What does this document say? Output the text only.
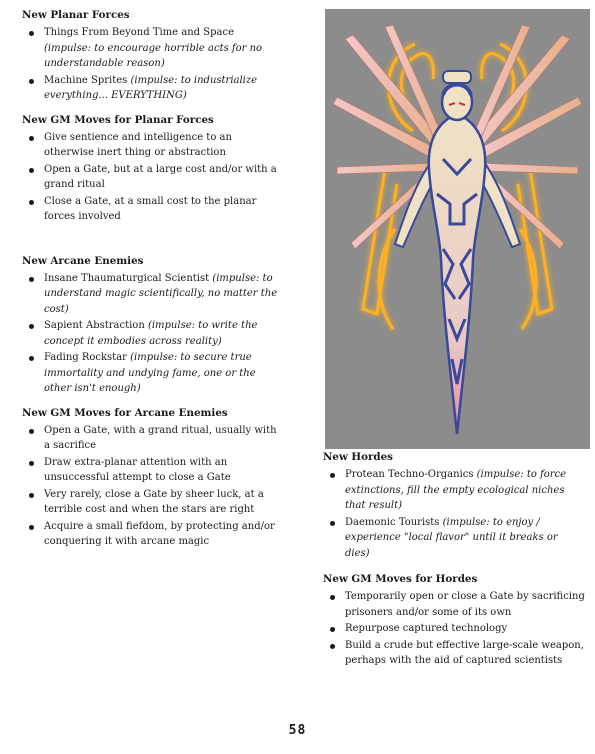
New Planar Forces
Things From Beyond Time and Space (impulse: to encourage horrible acts for no understandable reason)
Machine Sprites (impulse: to industrialize everything... EVERYTHING)
New GM Moves for Planar Forces
Give sentience and intelligence to an otherwise inert thing or abstraction
Open a Gate, but at a large cost and/or with a grand ritual
Close a Gate, at a small cost to the planar forces involved
New Arcane Enemies
Insane Thaumaturgical Scientist (impulse: to understand magic scientifically, no matter the cost)
Sapient Abstraction (impulse: to write the concept it embodies across reality)
Fading Rockstar (impulse: to secure true immortality and undying fame, one or the other isn't enough)
New GM Moves for Arcane Enemies
Open a Gate, with a grand ritual, usually with a sacrifice
Draw extra-planar attention with an unsuccessful attempt to close a Gate
Very rarely, close a Gate by sheer luck, at a terrible cost and when the stars are right
Acquire a small fiefdom, by protecting and/or conquering it with arcane magic
New Hordes
Protean Techno-Organics (impulse: to force extinctions, fill the empty ecological niches that result)
Daemonic Tourists (impulse: to enjoy / experience "local flavor" until it breaks or dies)
New GM Moves for Hordes
Temporarily open or close a Gate by sacrificing prisoners and/or some of its own
Repurpose captured technology
Build a crude but effective large-scale weapon, perhaps with the aid of captured scientists
58
